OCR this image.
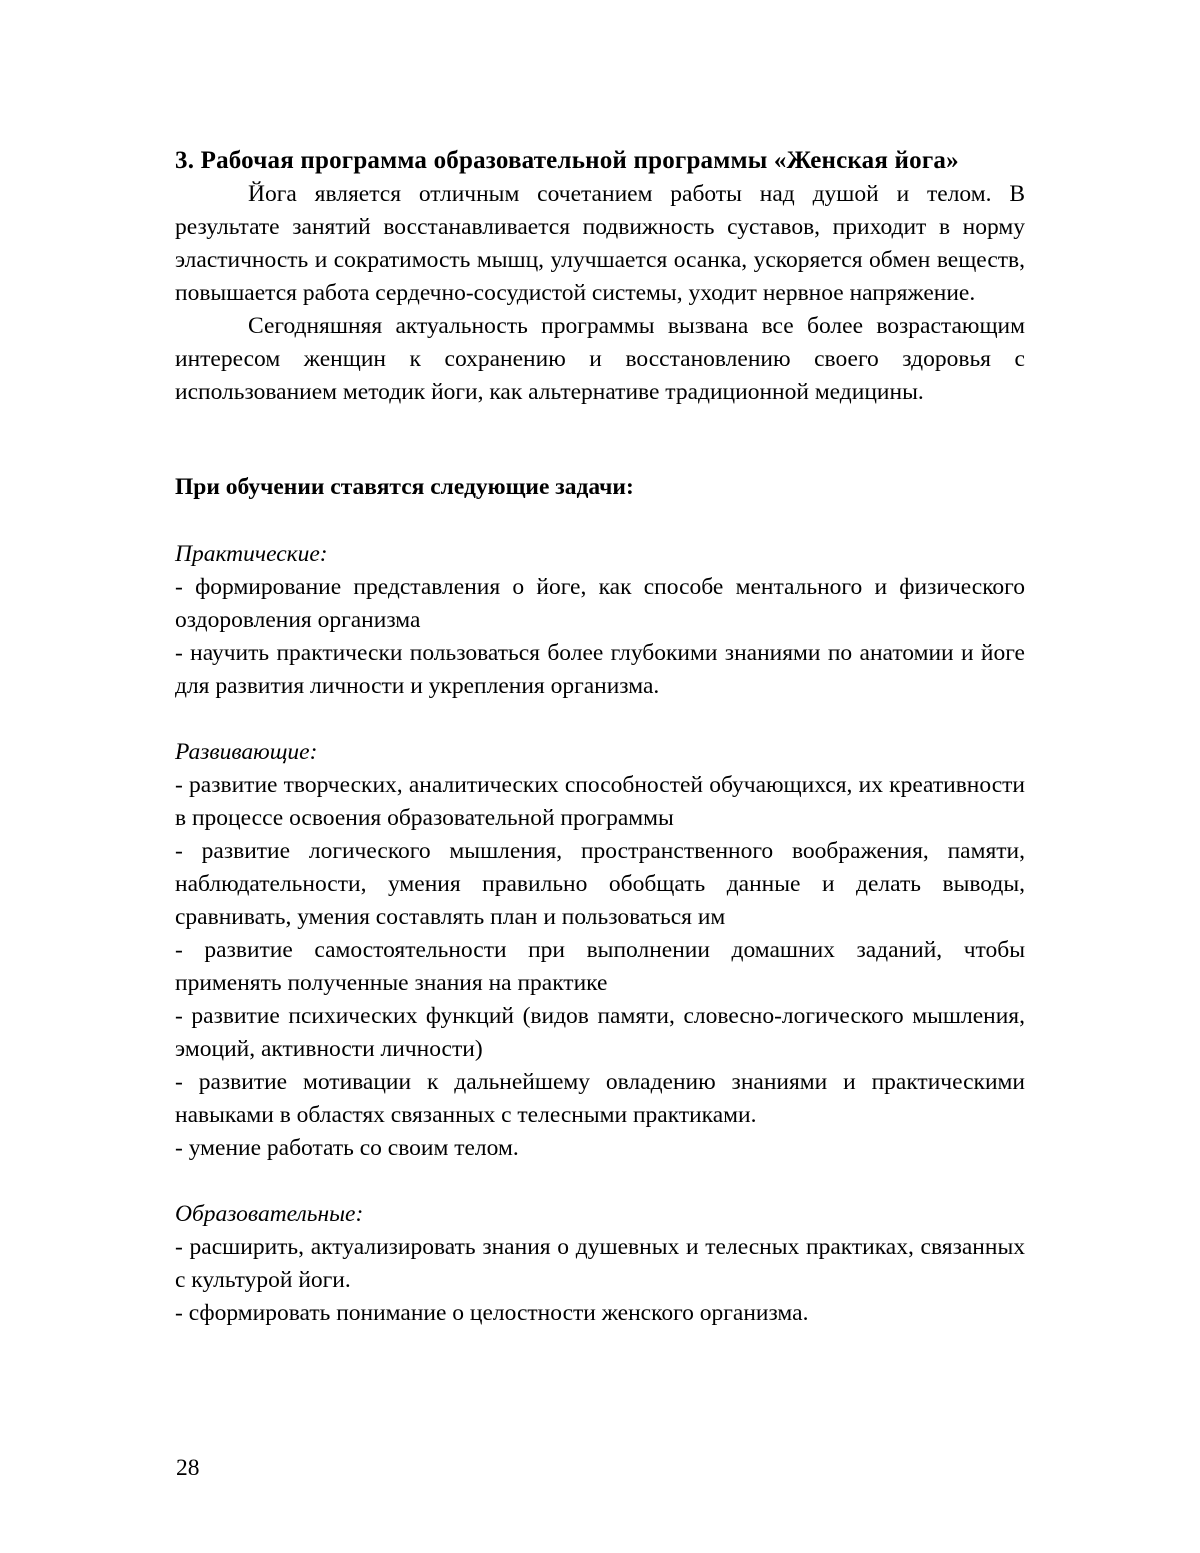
3. Рабочая программа образовательной программы «Женская йога»

Йога является отличным сочетанием работы над душой и телом. В результате занятий восстанавливается подвижность суставов, приходит в норму эластичность и сократимость мышц, улучшается осанка, ускоряется обмен веществ, повышается работа сердечно-сосудистой системы, уходит нервное напряжение.

Сегодняшняя актуальность программы вызвана все более возрастающим интересом женщин к сохранению и восстановлению своего здоровья с использованием методик йоги, как альтернативе традиционной медицины.

При обучении ставятся следующие задачи:

Практические:

- формирование представления о йоге, как способе ментального и физического оздоровления организма

- научить практически пользоваться более глубокими знаниями по анатомии и йоге для развития личности и укрепления организма.

Развивающие:

- развитие творческих, аналитических способностей обучающихся, их креативности в процессе освоения образовательной программы

- развитие логического мышления, пространственного воображения, памяти, наблюдательности, умения правильно обобщать данные и делать выводы, сравнивать, умения составлять план и пользоваться им

- развитие самостоятельности при выполнении домашних заданий, чтобы применять полученные знания на практике

- развитие психических функций (видов памяти, словесно-логического мышления, эмоций, активности личности)

- развитие мотивации к дальнейшему овладению знаниями и практическими навыками в областях связанных с телесными практиками.

- умение работать со своим телом.

Образовательные:

- расширить, актуализировать знания о душевных и телесных практиках, связанных с культурой йоги.

- сформировать понимание о целостности женского организма.

28
